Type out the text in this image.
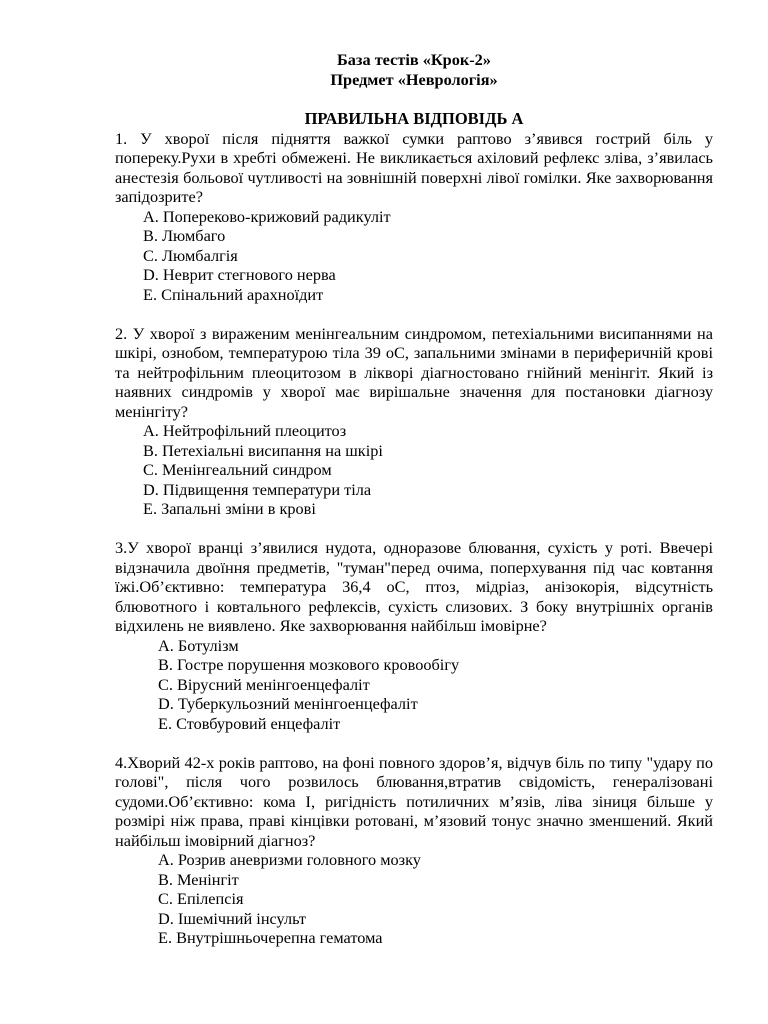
База тестів «Крок-2»

Предмет «Неврологія»

ПРАВИЛЬНА ВІДПОВІДЬ А

1. У хворої після підняття важкої сумки раптово з’явився гострий біль у попереку.Рухи в хребті обмежені. Не викликається ахіловий рефлекс зліва, з’явилась анестезія больової чутливості на зовнішній поверхні лівої гомілки. Яке захворювання запідозрите?

A. Попереково-крижовий радикуліт
B. Люмбаго
C. Люмбалгія
D. Неврит стегнового нерва
E. Спінальний арахноїдит

2. У хворої з вираженим менінгеальним синдромом, петехіальними висипаннями на шкірі, ознобом, температурою тіла 39 оС, запальними змінами в периферичній крові та нейтрофільним плеоцитозом в ліквoрі діагностовано гнійний менінгіт. Який із наявних синдромів у хворої має вирішальне значення для постановки діагнозу менінгіту?

A. Нейтрофільний плеоцитоз
B. Петехіальні висипання на шкірі
C. Менінгеальний синдром
D. Підвищення температури тіла
E. Запальні зміни в крові

3.У хворої вранці з’явилися нудота, одноразове блювання, сухість у роті. Ввечері відзначила двоїння предметів, "туман"перед очима, поперхування під час ковтання їжі.Об’єктивно: температура 36,4 оС, птоз, мідріаз, анізокорія, відсутність блювотного і ковтального рефлексів, сухість слизових. З боку внутрішніх органів відхилень не виявлено. Яке захворювання найбільш імовірне?

A. Ботулізм
B. Гостре порушення мозкового кровообігу
C. Вірусний менінгоенцефаліт
D. Туберкульозний менінгоенцефаліт
E. Стовбуровий енцефаліт

4.Хворий 42-х років раптово, на фоні повного здоров’я, відчув біль по типу "удару по голові", після чого розвилось блювання,втратив свідомість, генералізовані судоми.Об’єктивно: кома I, ригідність потиличних м’язів, ліва зіниця більше у розмірі ніж права, праві кінцівки ротовані, м’язовий тонус значно зменшений. Який найбільш імовірний діагноз?

A. Розрив аневризми головного мозку
B. Менінгіт
C. Епілепсія
D. Ішемічний інсульт
E. Внутрішньочерепна гематома
